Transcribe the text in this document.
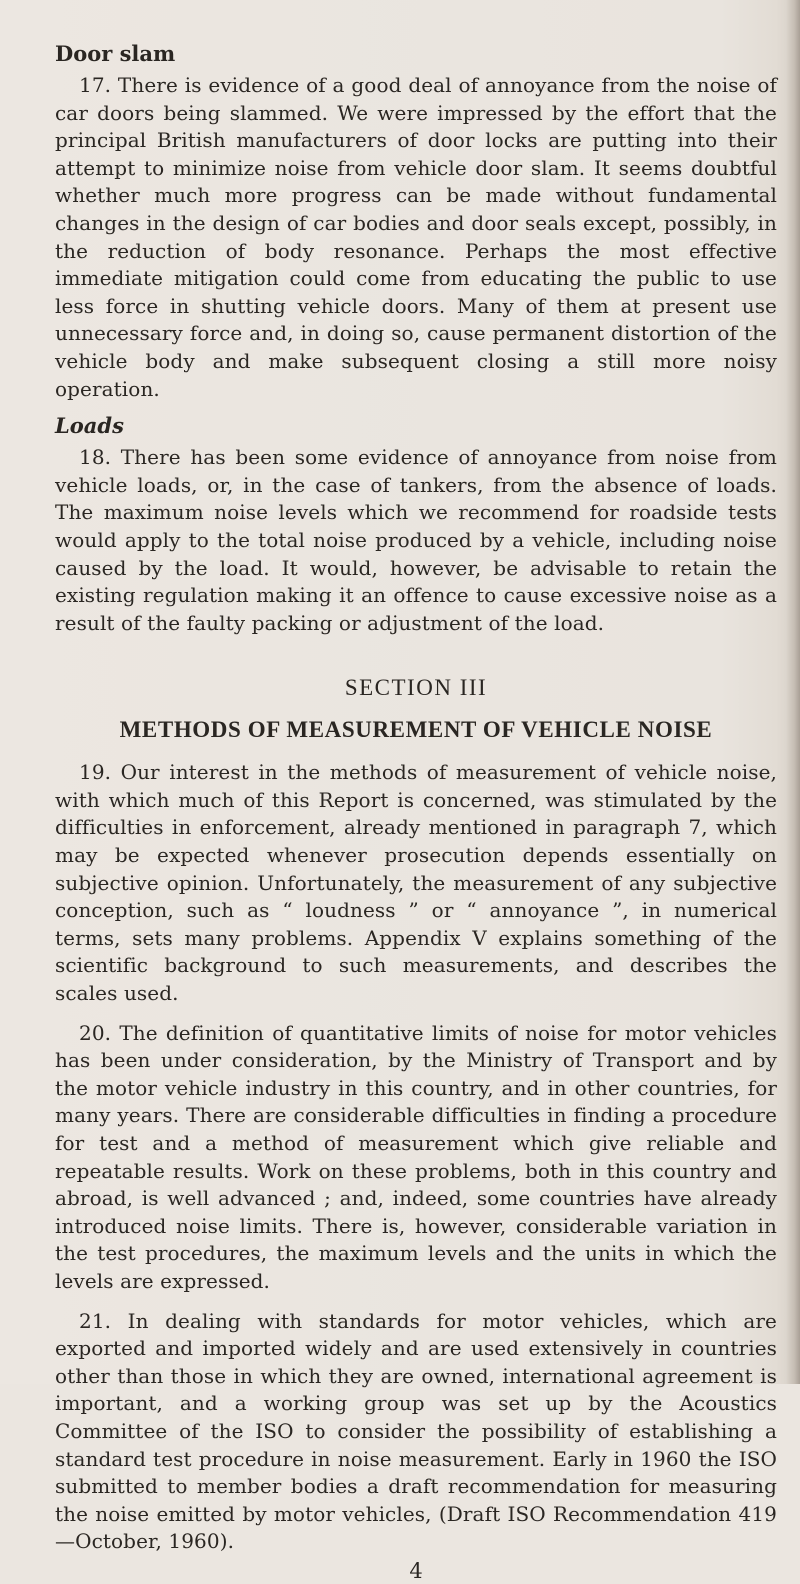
Door slam

17. There is evidence of a good deal of annoyance from the noise of car doors being slammed. We were impressed by the effort that the principal British manufacturers of door locks are putting into their attempt to minimize noise from vehicle door slam. It seems doubtful whether much more progress can be made without fundamental changes in the design of car bodies and door seals except, possibly, in the reduction of body resonance. Perhaps the most effective immediate mitigation could come from educating the public to use less force in shutting vehicle doors. Many of them at present use unnecessary force and, in doing so, cause permanent distortion of the vehicle body and make subsequent closing a still more noisy operation.

Loads

18. There has been some evidence of annoyance from noise from vehicle loads, or, in the case of tankers, from the absence of loads. The maximum noise levels which we recommend for roadside tests would apply to the total noise produced by a vehicle, including noise caused by the load. It would, however, be advisable to retain the existing regulation making it an offence to cause excessive noise as a result of the faulty packing or adjustment of the load.

SECTION III
METHODS OF MEASUREMENT OF VEHICLE NOISE

19. Our interest in the methods of measurement of vehicle noise, with which much of this Report is concerned, was stimulated by the difficulties in enforcement, already mentioned in paragraph 7, which may be expected whenever prosecution depends essentially on subjective opinion. Unfortunately, the measurement of any subjective conception, such as “ loudness ” or “ annoyance ”, in numerical terms, sets many problems. Appendix V explains something of the scientific background to such measurements, and describes the scales used.

20. The definition of quantitative limits of noise for motor vehicles has been under consideration, by the Ministry of Transport and by the motor vehicle industry in this country, and in other countries, for many years. There are considerable difficulties in finding a procedure for test and a method of measurement which give reliable and repeatable results. Work on these problems, both in this country and abroad, is well advanced ; and, indeed, some countries have already introduced noise limits. There is, however, considerable variation in the test procedures, the maximum levels and the units in which the levels are expressed.

21. In dealing with standards for motor vehicles, which are exported and imported widely and are used extensively in countries other than those in which they are owned, international agreement is important, and a working group was set up by the Acoustics Committee of the ISO to consider the possibility of establishing a standard test procedure in noise measurement. Early in 1960 the ISO submitted to member bodies a draft recommendation for measuring the noise emitted by motor vehicles, (Draft ISO Recommendation 419—October, 1960).

4
